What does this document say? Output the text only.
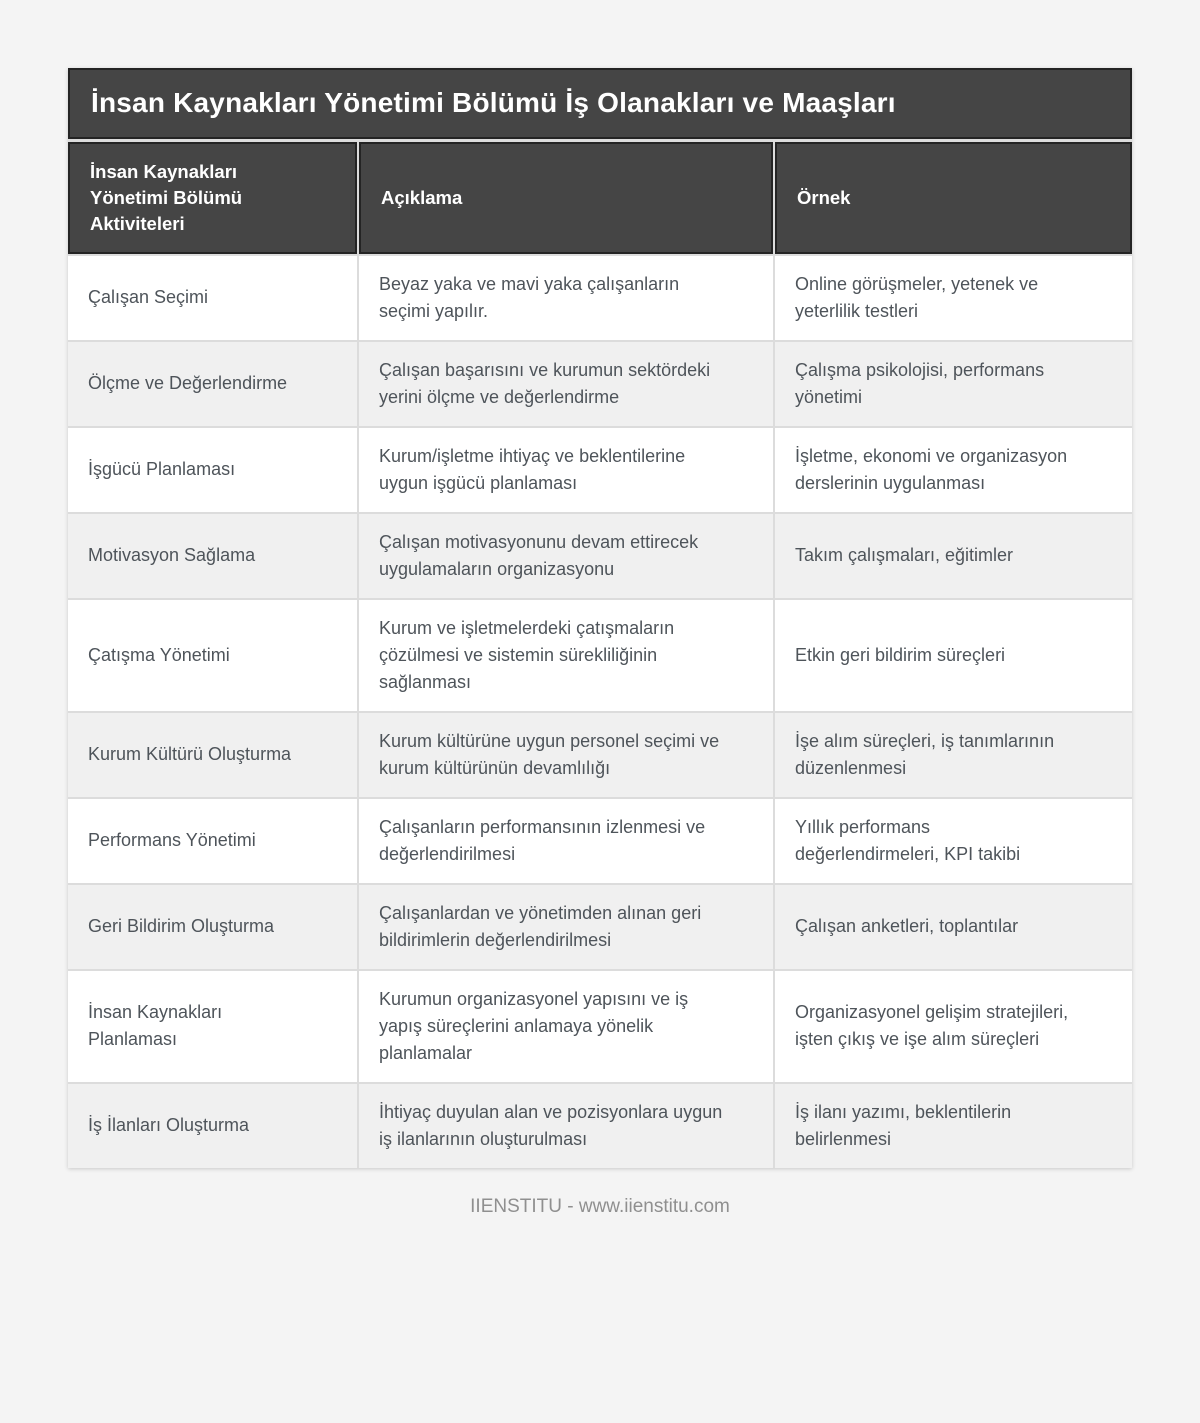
İnsan Kaynakları Yönetimi Bölümü İş Olanakları ve Maaşları
İnsan Kaynakları Yönetimi Bölümü Aktiviteleri
Açıklama	Örnek
Çalışan Seçimi
Beyaz yaka ve mavi yaka çalışanların seçimi yapılır.
Online görüşmeler, yetenek ve yeterlilik testleri
Ölçme ve Değerlendirme
Çalışan başarısını ve kurumun sektördeki yerini ölçme ve değerlendirme
Çalışma psikolojisi, performans yönetimi
İşgücü Planlaması
Kurum/işletme ihtiyaç ve beklentilerine uygun işgücü planlaması
İşletme, ekonomi ve organizasyon derslerinin uygulanması
Motivasyon Sağlama
Çalışan motivasyonunu devam ettirecek uygulamaların organizasyonu
Takım çalışmaları, eğitimler
Çatışma Yönetimi
Kurum ve işletmelerdeki çatışmaların çözülmesi ve sistemin sürekliliğinin sağlanması
Etkin geri bildirim süreçleri
Kurum Kültürü Oluşturma
Kurum kültürüne uygun personel seçimi ve kurum kültürünün devamlılığı
İşe alım süreçleri, iş tanımlarının düzenlenmesi
Performans Yönetimi
Çalışanların performansının izlenmesi ve değerlendirilmesi
Yıllık performans değerlendirmeleri, KPI takibi
Geri Bildirim Oluşturma
Çalışanlardan ve yönetimden alınan geri bildirimlerin değerlendirilmesi
Çalışan anketleri, toplantılar
İnsan Kaynakları Planlaması
Kurumun organizasyonel yapısını ve iş yapış süreçlerini anlamaya yönelik planlamalar
Organizasyonel gelişim stratejileri, işten çıkış ve işe alım süreçleri
İş İlanları Oluşturma
İhtiyaç duyulan alan ve pozisyonlara uygun iş ilanlarının oluşturulması
İş ilanı yazımı, beklentilerin belirlenmesi
IIENSTITU - www.iienstitu.com
